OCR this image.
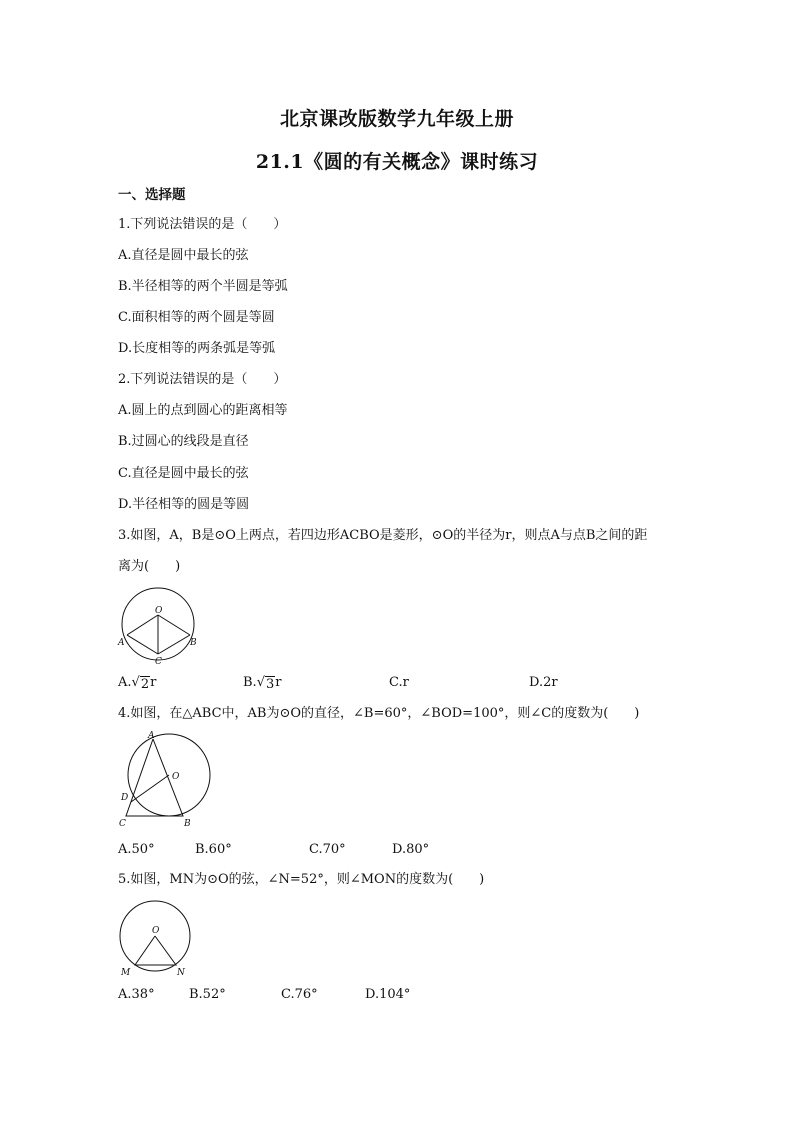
北京课改版数学九年级上册
21.1《圆的有关概念》课时练习
一、选择题
1.下列说法错误的是（　　）
A.直径是圆中最长的弦
B.半径相等的两个半圆是等弧
C.面积相等的两个圆是等圆
D.长度相等的两条弧是等弧
2.下列说法错误的是（　　）
A.圆上的点到圆心的距离相等
B.过圆心的线段是直径
C.直径是圆中最长的弦
D.半径相等的圆是等圆
3.如图，A，B是⊙O上两点，若四边形ACBO是菱形，⊙O的半径为r，则点A与点B之间的距
离为(　　)
O
A	B
C
A. √ 2 r	B. √ 3 r	C.r	D.2r
4.如图，在△ABC中，AB为⊙O的直径，∠B=60°，∠BOD=100°，则∠C的度数为(　　)
A
O
D
C	B
A.50°	B.60°	C.70°	D.80°
5.如图，MN为⊙O的弦，∠N=52°，则∠MON的度数为(　　)
O
M	N
A.38°	B.52°	C.76°	D.104°
